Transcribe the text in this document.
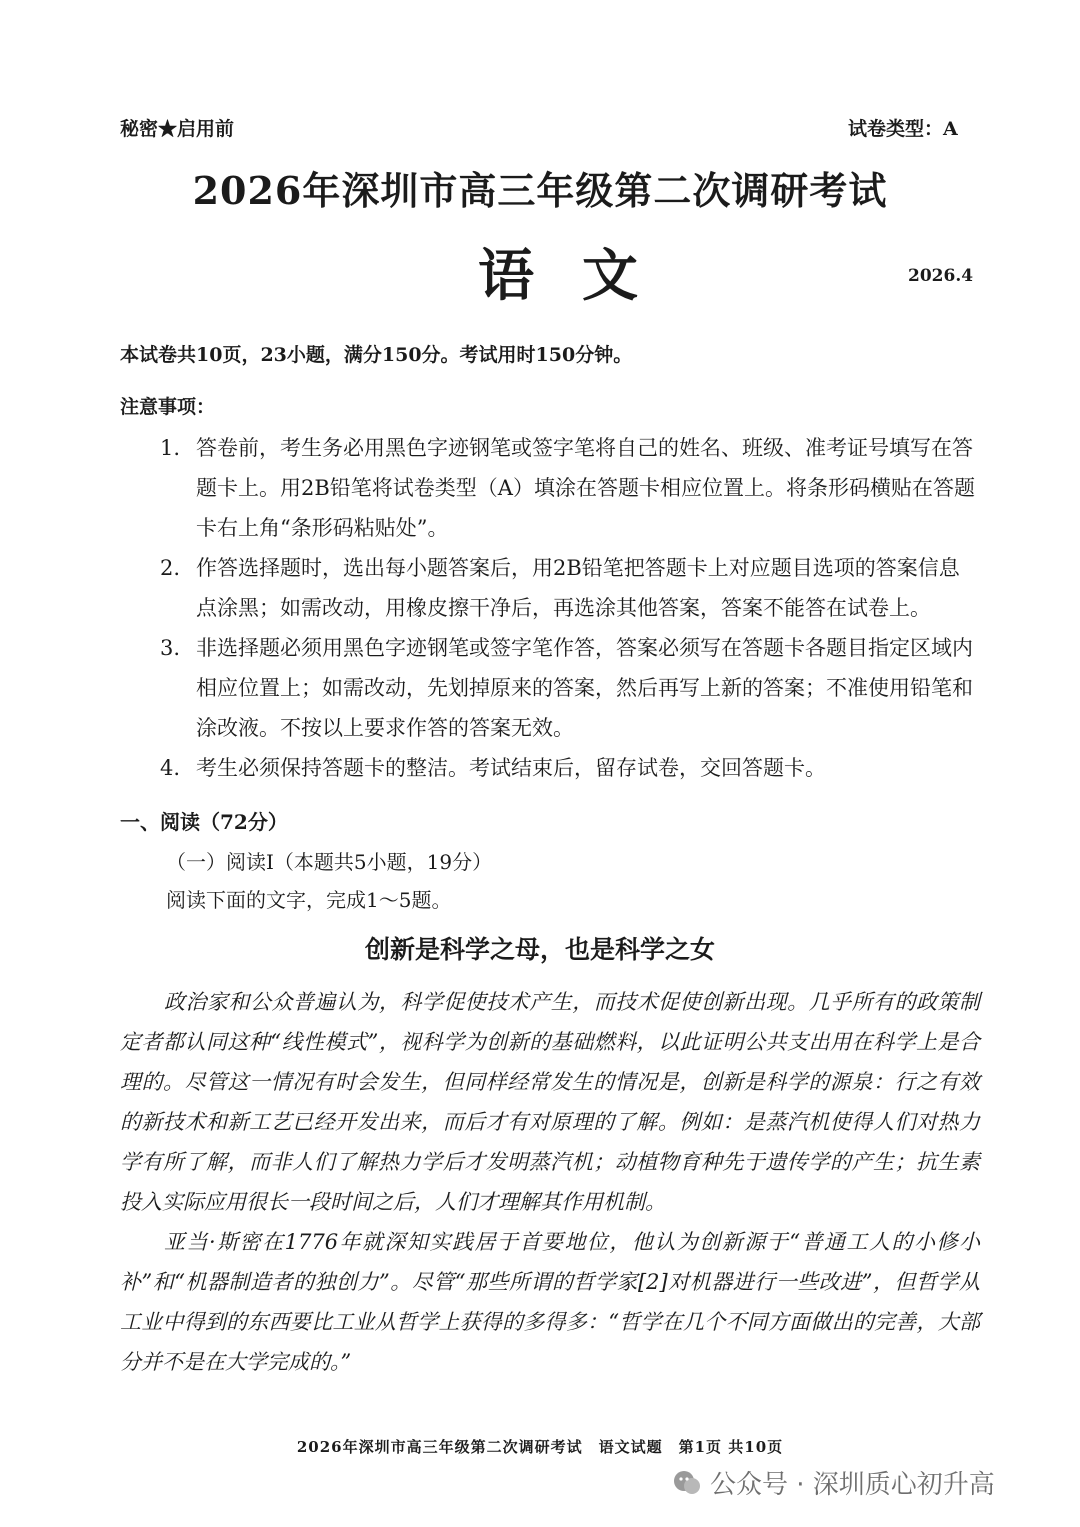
秘密★启用前	试卷类型：A
2026年深圳市高三年级第二次调研考试
语文	2026.4
本试卷共10页，23小题，满分150分。考试用时150分钟。
注意事项：
1. 答卷前，考生务必用黑色字迹钢笔或签字笔将自己的姓名、班级、准考证号填写在答题卡上。用2B铅笔将试卷类型（A）填涂在答题卡相应位置上。将条形码横贴在答题卡右上角“条形码粘贴处”。
2. 作答选择题时，选出每小题答案后，用2B铅笔把答题卡上对应题目选项的答案信息点涂黑；如需改动，用橡皮擦干净后，再选涂其他答案，答案不能答在试卷上。
3. 非选择题必须用黑色字迹钢笔或签字笔作答，答案必须写在答题卡各题目指定区域内相应位置上；如需改动，先划掉原来的答案，然后再写上新的答案；不准使用铅笔和涂改液。不按以上要求作答的答案无效。
4. 考生必须保持答题卡的整洁。考试结束后，留存试卷，交回答题卡。
一、阅读（72分）
（一）阅读Ⅰ（本题共5小题，19分）
阅读下面的文字，完成1～5题。
创新是科学之母，也是科学之女

政治家和公众普遍认为，科学促使技术产生，而技术促使创新出现。几乎所有的政策制定者都认同这种“线性模式”，视科学为创新的基础燃料，以此证明公共支出用在科学上是合理的。尽管这一情况有时会发生，但同样经常发生的情况是，创新是科学的源泉：行之有效的新技术和新工艺已经开发出来，而后才有对原理的了解。例如：是蒸汽机使得人们对热力学有所了解，而非人们了解热力学后才发明蒸汽机；动植物育种先于遗传学的产生；抗生素投入实际应用很长一段时间之后，人们才理解其作用机制。

亚当·斯密在1776年就深知实践居于首要地位，他认为创新源于“普通工人的小修小补”和“机器制造者的独创力”。尽管“那些所谓的哲学家[2]对机器进行一些改进”，但哲学从工业中得到的东西要比工业从哲学上获得的多得多：“哲学在几个不同方面做出的完善，大部分并不是在大学完成的。”

2026年深圳市高三年级第二次调研考试　语文试题　第1页 共10页
公众号 · 深圳质心初升高
